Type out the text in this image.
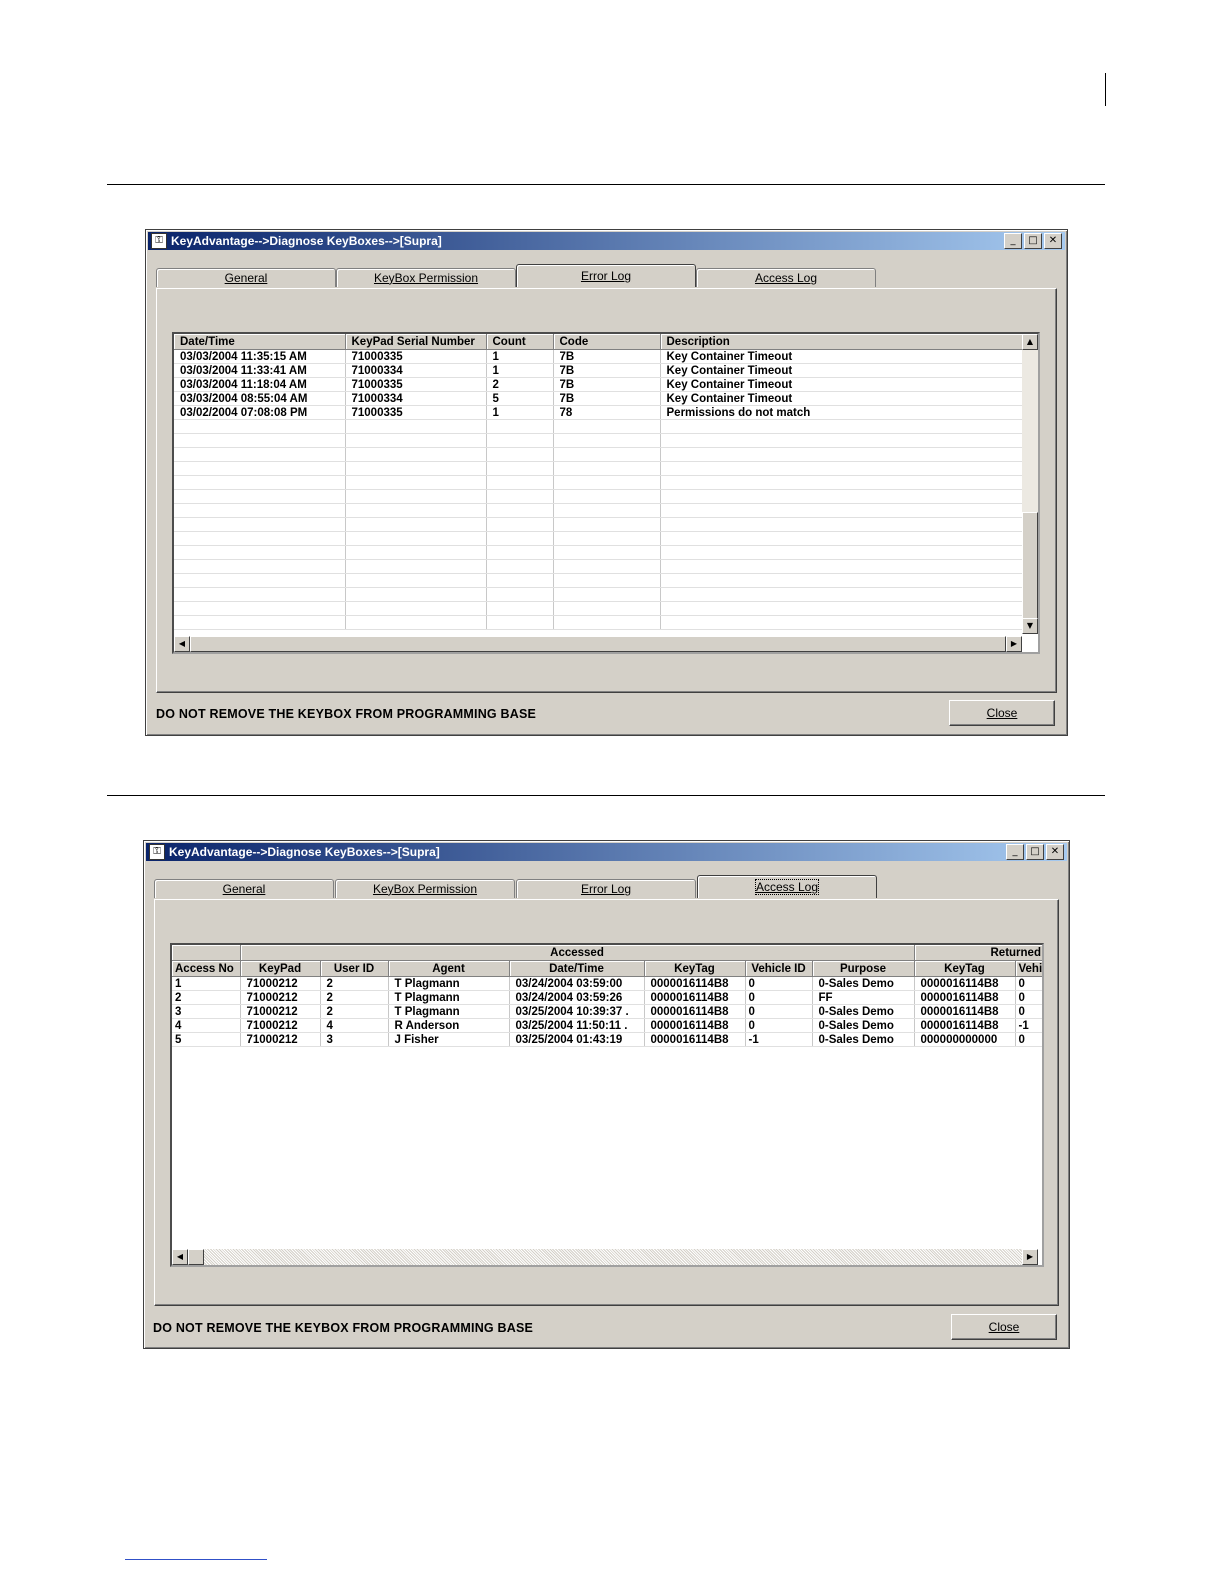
⚿ KeyAdvantage-->Diagnose KeyBoxes-->[Supra]	_	□	✕
General	KeyBox Permission	Error Log	Access Log
Date/Time	KeyPad Serial Number	Count	Code	Description
03/03/2004 11:35:15 AM	71000335	1	7B	Key Container Timeout
03/03/2004 11:33:41 AM	71000334	1	7B	Key Container Timeout
03/03/2004 11:18:04 AM	71000335	2	7B	Key Container Timeout
03/03/2004 08:55:04 AM	71000334	5	7B	Key Container Timeout
03/02/2004 07:08:08 PM	71000335	1	78	Permissions do not match

▲
▼
◀	▶
DO NOT REMOVE THE KEYBOX FROM PROGRAMMING BASE	Close
⚿ KeyAdvantage-->Diagnose KeyBoxes-->[Supra]	_	□	✕
General	KeyBox Permission	Error Log	Access Log
	Accessed							Returned	
Access No	KeyPad	User ID	Agent	Date/Time	KeyTag	Vehicle ID	Purpose	KeyTag	Vehi
1	71000212	2	T Plagmann	03/24/2004 03:59:00	0000016114B8	0	0-Sales Demo	0000016114B8	0
2	71000212	2	T Plagmann	03/24/2004 03:59:26	0000016114B8	0	FF	0000016114B8	0
3	71000212	2	T Plagmann	03/25/2004 10:39:37 .	0000016114B8	0	0-Sales Demo	0000016114B8	0
4	71000212	4	R Anderson	03/25/2004 11:50:11 .	0000016114B8	0	0-Sales Demo	0000016114B8	-1
5	71000212	3	J Fisher	03/25/2004 01:43:19	0000016114B8	-1	0-Sales Demo	000000000000	0
◀	▶
DO NOT REMOVE THE KEYBOX FROM PROGRAMMING BASE	Close
